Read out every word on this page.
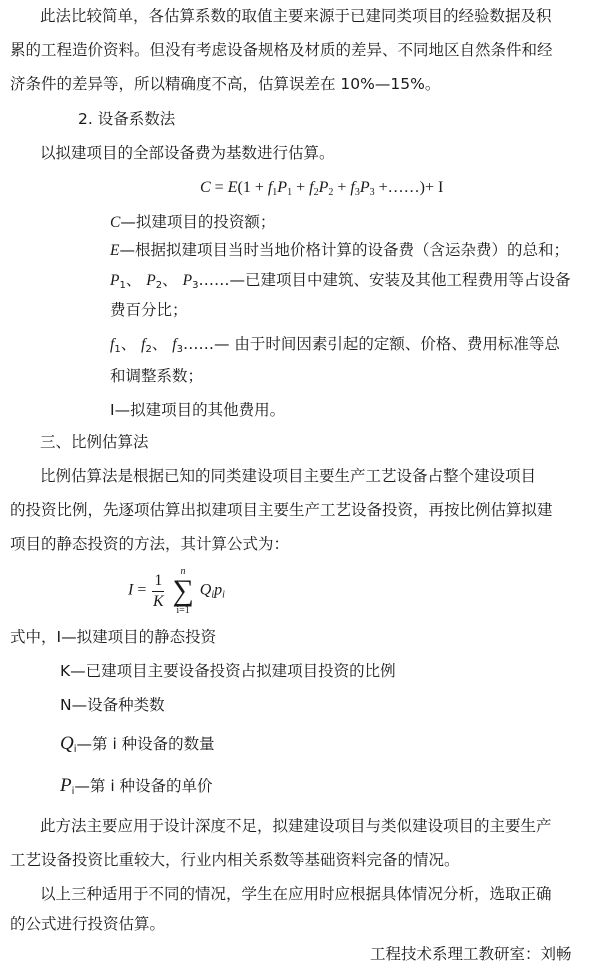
此法比较简单，各估算系数的取值主要来源于已建同类项目的经验数据及积
累的工程造价资料。但没有考虑设备规格及材质的差异、不同地区自然条件和经
济条件的差异等，所以精确度不高，估算误差在 10%—15%。
2. 设备系数法
以拟建项目的全部设备费为基数进行估算。
$C = E(1 + f_1P_1 + f_2P_2 + f_3P_3$ +……)+ I
C—拟建项目的投资额；
E—根据拟建项目当时当地价格计算的设备费（含运杂费）的总和；
$P_1$、 $P_2$、 $P_3\dots\dots—$已建项目中建筑、安装及其他工程费用等占设备
费百分比；
$f_1$、 $f_2$、 $f_3\dots\dots—$ 由于时间因素引起的定额、价格、费用标准等总
和调整系数；
I—拟建项目的其他费用。
三、比例估算法
比例估算法是根据已知的同类建设项目主要生产工艺设备占整个建设项目
的投资比例，先逐项估算出拟建项目主要生产工艺设备投资，再按比例估算拟建
项目的静态投资的方法，其计算公式为：
$I = \frac{1}{K}$
	n
∑
i=1
$Q_ip_i$
式中，I—拟建项目的静态投资
K—已建项目主要设备投资占拟建项目投资的比例
N—设备种类数
$Q_i—$第 i 种设备的数量
$P_i—$第 i 种设备的单价
此方法主要应用于设计深度不足，拟建建设项目与类似建设项目的主要生产
工艺设备投资比重较大，行业内相关系数等基础资料完备的情况。
以上三种适用于不同的情况，学生在应用时应根据具体情况分析，选取正确
的公式进行投资估算。
工程技术系理工教研室：刘畅
